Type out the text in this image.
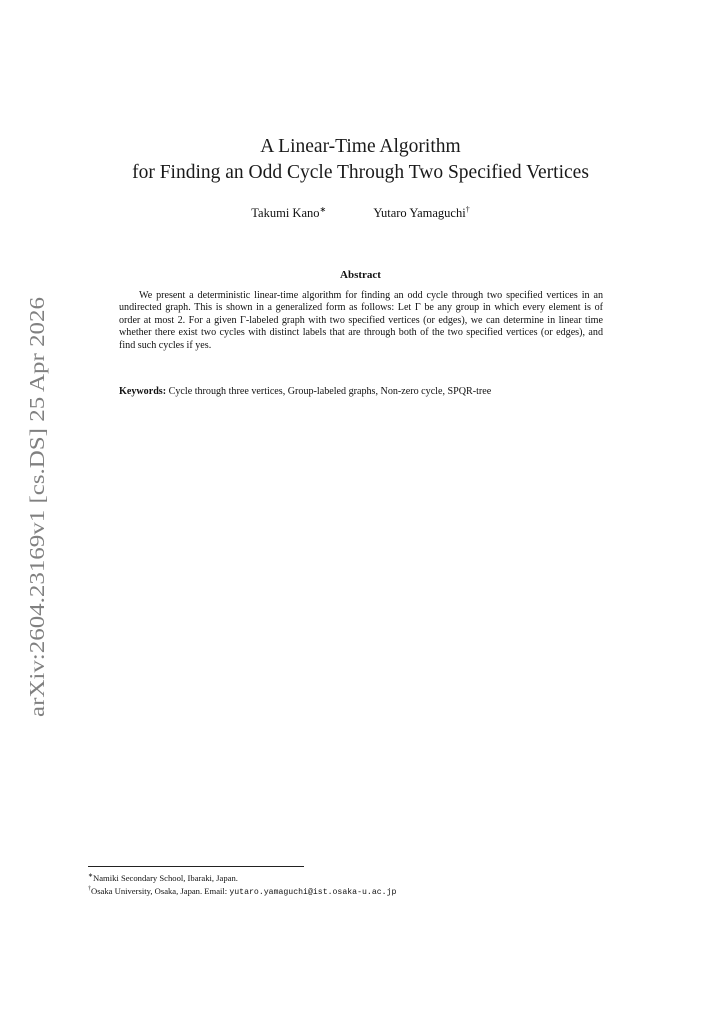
arXiv:2604.23169v1 [cs.DS] 25 Apr 2026
A Linear-Time Algorithm
for Finding an Odd Cycle Through Two Specified Vertices
Takumi Kano∗	Yutaro Yamaguchi†
Abstract

We present a deterministic linear-time algorithm for finding an odd cycle through two specified vertices in an undirected graph. This is shown in a generalized form as follows: Let Γ be any group in which every element is of order at most 2. For a given Γ-labeled graph with two specified vertices (or edges), we can determine in linear time whether there exist two cycles with distinct labels that are through both of the two specified vertices (or edges), and find such cycles if yes.

Keywords: Cycle through three vertices, Group-labeled graphs, Non-zero cycle, SPQR-tree
∗Namiki Secondary School, Ibaraki, Japan.
†Osaka University, Osaka, Japan. Email: yutaro.yamaguchi@ist.osaka-u.ac.jp
